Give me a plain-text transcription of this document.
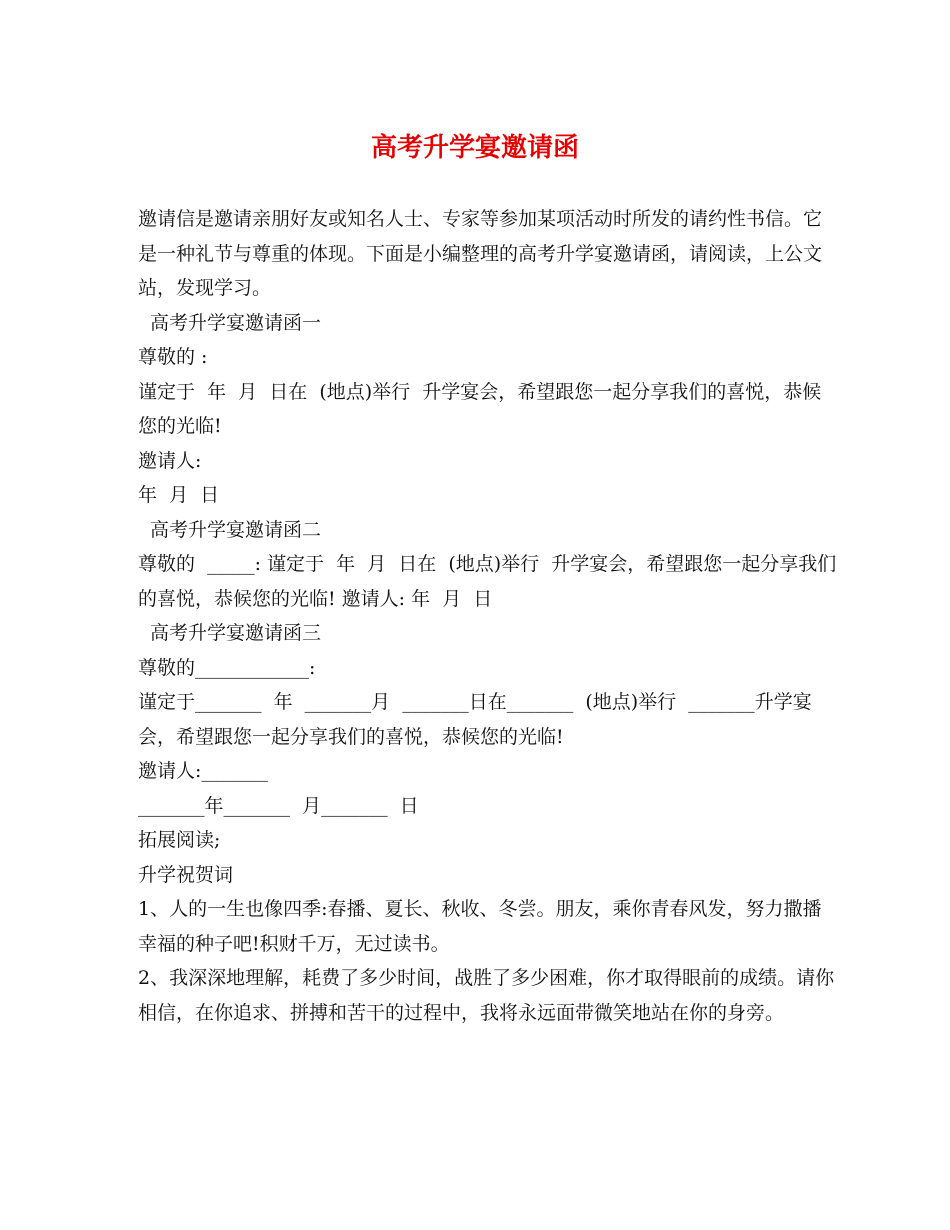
高考升学宴邀请函

邀请信是邀请亲朋好友或知名人士、专家等参加某项活动时所发的请约性书信。它是一种礼节与尊重的体现。下面是小编整理的高考升学宴邀请函，请阅读，上公文站，发现学习。

高考升学宴邀请函一

尊敬的 :

谨定于  年  月  日在  (地点)举行  升学宴会，希望跟您一起分享我们的喜悦，恭候您的光临!

邀请人:

年  月  日

高考升学宴邀请函二

尊敬的  _____: 谨定于  年  月  日在  (地点)举行  升学宴会，希望跟您一起分享我们的喜悦，恭候您的光临! 邀请人: 年  月  日

高考升学宴邀请函三

尊敬的____________:

谨定于_______  年  _______月  _______日在_______  (地点)举行  _______升学宴会，希望跟您一起分享我们的喜悦，恭候您的光临!

邀请人:_______

_______年_______  月_______  日

拓展阅读;

升学祝贺词

1、人的一生也像四季:春播、夏长、秋收、冬尝。朋友，乘你青春风发，努力撒播幸福的种子吧!积财千万，无过读书。

2、我深深地理解，耗费了多少时间，战胜了多少困难，你才取得眼前的成绩。请你相信，在你追求、拼搏和苦干的过程中，我将永远面带微笑地站在你的身旁。
